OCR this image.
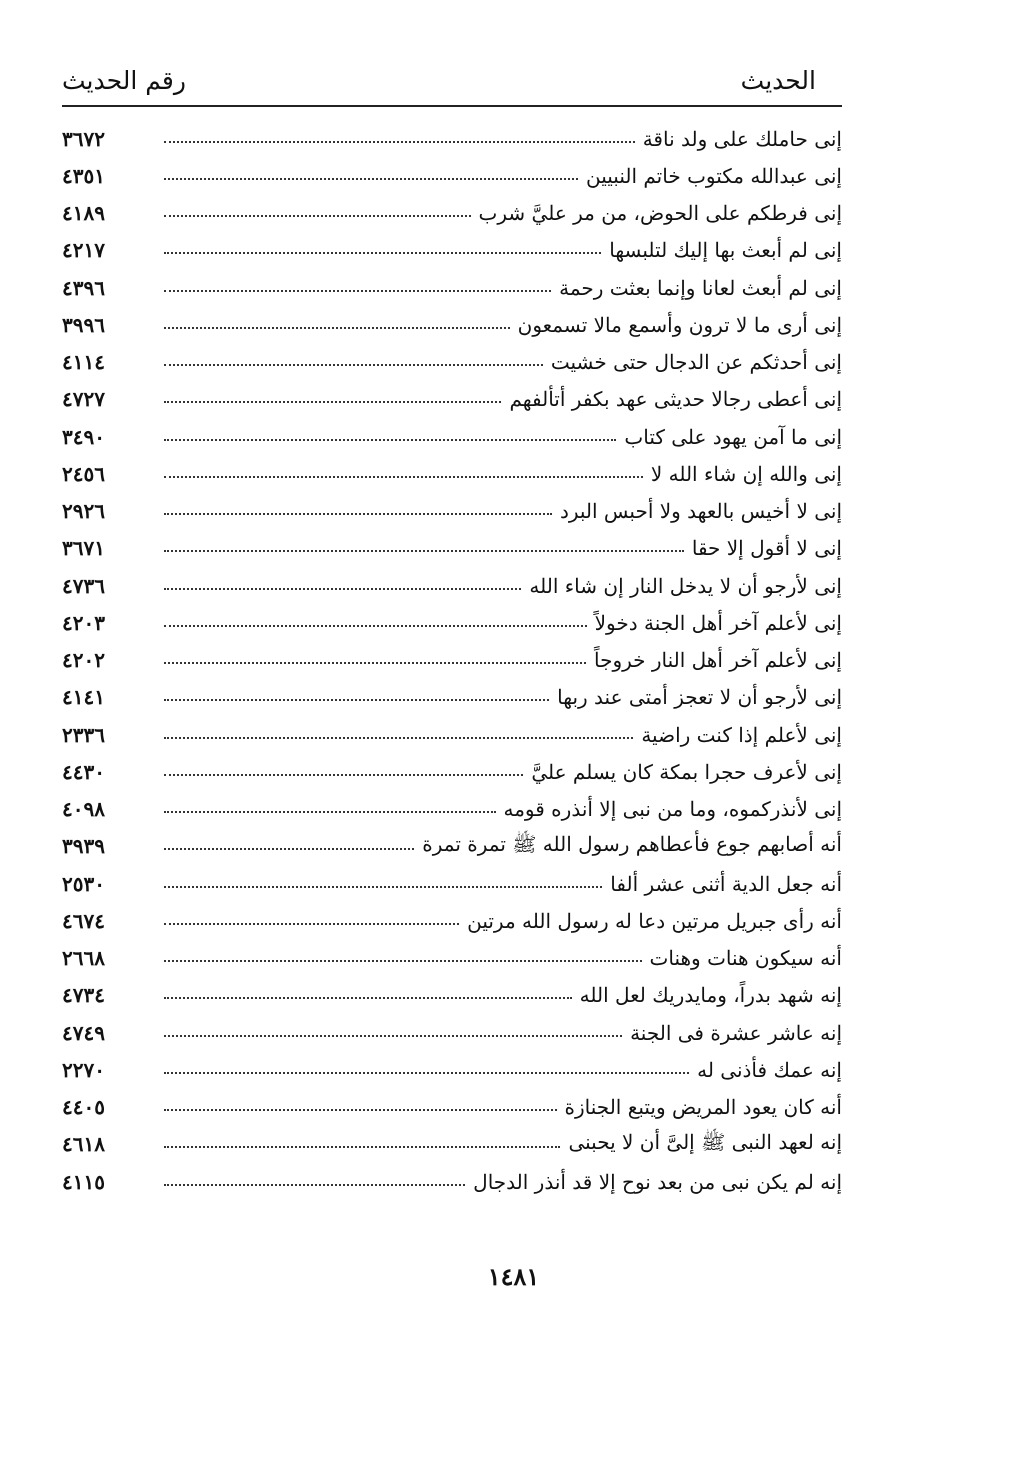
الحديث
رقم الحديث
إنى حاملك على ولد ناقة
٣٦٧٢
إنى عبدالله مكتوب خاتم النبيين
٤٣٥١
إنى فرطكم على الحوض، من مر عليَّ شرب
٤١٨٩
إنى لم أبعث بها إليك لتلبسها
٤٢١٧
إنى لم أبعث لعانا وإنما بعثت رحمة
٤٣٩٦
إنى أرى ما لا ترون وأسمع مالا تسمعون
٣٩٩٦
إنى أحدثكم عن الدجال حتى خشيت
٤١١٤
إنى أعطى رجالا حديثى عهد بكفر أتألفهم
٤٧٢٧
إنى ما آمن يهود على كتاب
٣٤٩٠
إنى والله إن شاء الله لا
٢٤٥٦
إنى لا أخيس بالعهد ولا أحبس البرد
٢٩٢٦
إنى لا أقول إلا حقا
٣٦٧١
إنى لأرجو أن لا يدخل النار إن شاء الله
٤٧٣٦
إنى لأعلم آخر أهل الجنة دخولاً
٤٢٠٣
إنى لأعلم آخر أهل النار خروجاً
٤٢٠٢
إنى لأرجو أن لا تعجز أمتى عند ربها
٤١٤١
إنى لأعلم إذا كنت راضية
٢٣٣٦
إنى لأعرف حجرا بمكة كان يسلم عليَّ
٤٤٣٠
إنى لأنذركموه، وما من نبى إلا أنذره قومه
٤٠٩٨
أنه أصابهم جوع فأعطاهم رسول الله ﷺ تمرة تمرة
٣٩٣٩
أنه جعل الدية أثنى عشر ألفا
٢٥٣٠
أنه رأى جبريل مرتين دعا له رسول الله مرتين
٤٦٧٤
أنه سيكون هنات وهنات
٢٦٦٨
إنه شهد بدراً، ومايدريك لعل الله
٤٧٣٤
إنه عاشر عشرة فى الجنة
٤٧٤٩
إنه عمك فأذنى له
٢٢٧٠
أنه كان يعود المريض ويتبع الجنازة
٤٤٠٥
إنه لعهد النبى ﷺ إلىَّ أن لا يحبنى
٤٦١٨
إنه لم يكن نبى من بعد نوح إلا قد أنذر الدجال
٤١١٥
١٤٨١
